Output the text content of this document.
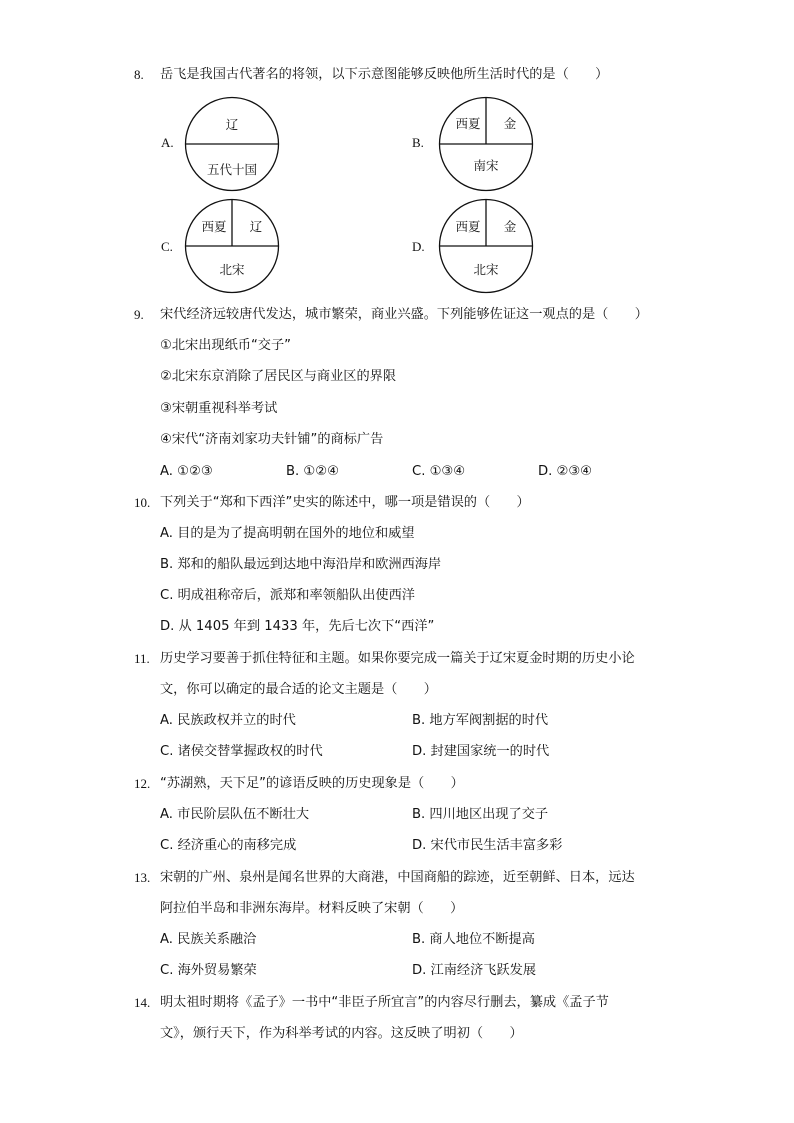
8. 岳飞是我国古代著名的将领，以下示意图能够反映他所生活时代的是（　　）
A.
辽
五代十国
B.
西夏 金
南宋
C.
西夏 辽
北宋
D.
西夏 金
北宋
9. 宋代经济远较唐代发达，城市繁荣，商业兴盛。下列能够佐证这一观点的是（　　）
①北宋出现纸币“交子”
②北宋东京消除了居民区与商业区的界限
③宋朝重视科举考试
④宋代“济南刘家功夫针铺”的商标广告
A. ①②③	B. ①②④	C. ①③④	D. ②③④
10. 下列关于“郑和下西洋”史实的陈述中，哪一项是错误的（　　）
A. 目的是为了提高明朝在国外的地位和威望
B. 郑和的船队最远到达地中海沿岸和欧洲西海岸
C. 明成祖称帝后，派郑和率领船队出使西洋
D. 从 1405 年到 1433 年，先后七次下“西洋”
11. 历史学习要善于抓住特征和主题。如果你要完成一篇关于辽宋夏金时期的历史小论
文，你可以确定的最合适的论文主题是（　　）
A. 民族政权并立的时代	B. 地方军阀割据的时代
C. 诸侯交替掌握政权的时代	D. 封建国家统一的时代
12. “苏湖熟，天下足”的谚语反映的历史现象是（　　）
A. 市民阶层队伍不断壮大	B. 四川地区出现了交子
C. 经济重心的南移完成	D. 宋代市民生活丰富多彩
13. 宋朝的广州、泉州是闻名世界的大商港，中国商船的踪迹，近至朝鲜、日本，远达
阿拉伯半岛和非洲东海岸。材料反映了宋朝（　　）
A. 民族关系融洽	B. 商人地位不断提高
C. 海外贸易繁荣	D. 江南经济飞跃发展
14. 明太祖时期将《孟子》一书中“非臣子所宜言”的内容尽行删去，纂成《孟子节
文》，颁行天下，作为科举考试的内容。这反映了明初（　　）
